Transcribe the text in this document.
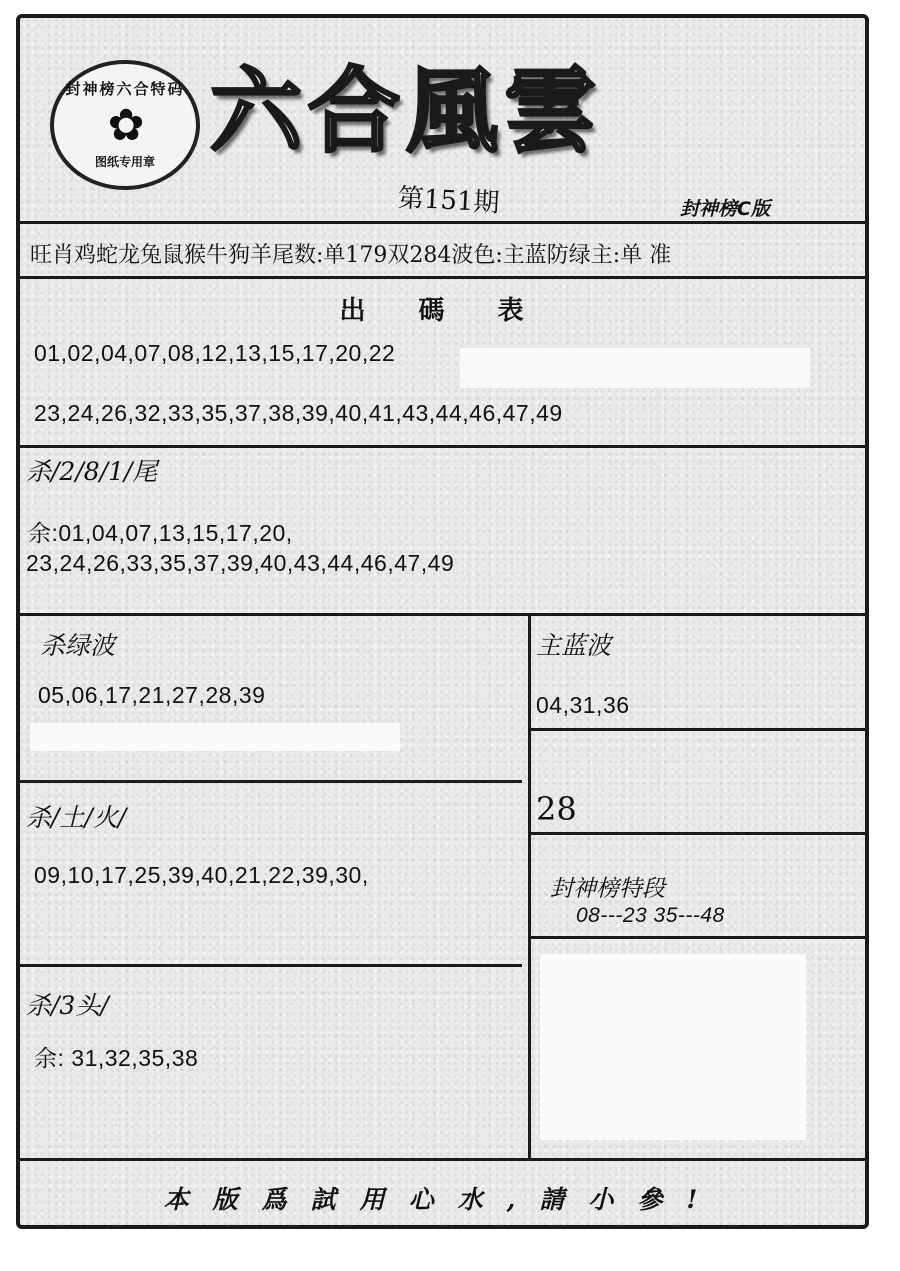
封神榜六合特码
✿
图纸专用章 六合風雲
第151期	封神榜C版
旺肖鸡蛇龙兔鼠猴牛狗羊尾数:单179双284波色:主蓝防绿主:单 准
出 碼 表
01,02,04,07,08,12,13,15,17,20,22
23,24,26,32,33,35,37,38,39,40,41,43,44,46,47,49
杀/2/8/1/尾
余:01,04,07,13,15,17,20,
23,24,26,33,35,37,39,40,43,44,46,47,49
杀绿波
05,06,17,21,27,28,39
杀/土/火/
09,10,17,25,39,40,21,22,39,30,
杀/3头/
余: 31,32,35,38
主蓝波
04,31,36
28
封神榜特段
08---23 35---48
本版爲試用心水,請小參!
